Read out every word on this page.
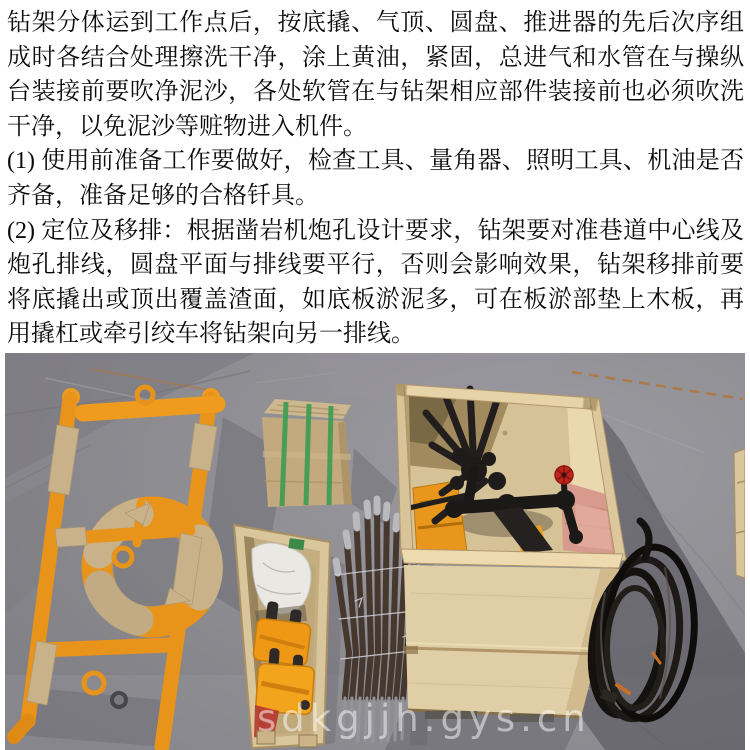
钻架分体运到工作点后，按底撬、气顶、圆盘、推进器的先后次序组成时各结合处理擦洗干净，涂上黄油，紧固，总进气和水管在与操纵台装接前要吹净泥沙，各处软管在与钻架相应部件装接前也必须吹洗干净，以免泥沙等赃物进入机件。

(1) 使用前准备工作要做好，检查工具、量角器、照明工具、机油是否齐备，准备足够的合格钎具。

(2) 定位及移排：根据凿岩机炮孔设计要求，钻架要对准巷道中心线及炮孔排线，圆盘平面与排线要平行，否则会影响效果，钻架移排前要将底撬出或顶出覆盖渣面，如底板淤泥多，可在板淤部垫上木板，再用撬杠或牵引绞车将钻架向另一排线。

sdkgjjh.gys.cn
